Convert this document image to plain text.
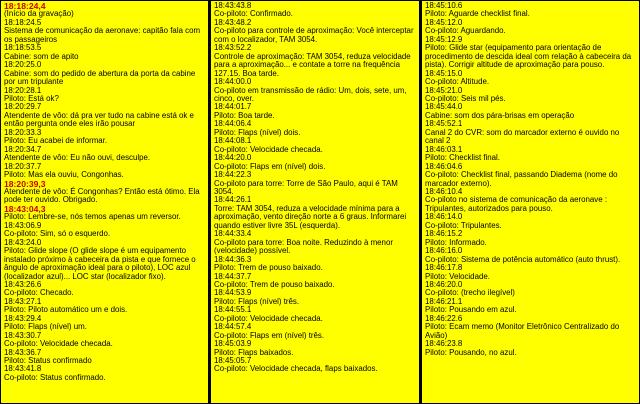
18:18:24,4
(Início da gravação)
18:18:24.5
Sistema de comunicação da aeronave: capitão fala com os passageiros
18:18:53.5
Cabine: som de apito
18:20:25.0
Cabine: som do pedido de abertura da porta da cabine por um tripulante
18:20:28.1
Piloto: Está ok?
18:20:29.7
Atendente de vôo: dá pra ver tudo na cabine está ok e então pergunta onde eles irão pousar
18:20:33.3
Piloto: Eu acabei de informar.
18:20:34.7
Atendente de vôo: Eu não ouvi, desculpe.
18:20:37.7
Piloto: Mas ela ouviu, Congonhas.
18:20:39,3
Atendente de vôo: É Congonhas? Então está ótimo. Ela pode ter ouvido. Obrigado.
18:43:04,3
Piloto: Lembre-se, nós temos apenas um reversor.
18:43:06.9
Co-piloto: Sim, só o esquerdo.
18:43:24.0
Piloto: Glide slope (O glide slope é um equipamento instalado próximo à cabeceira da pista e que fornece o ângulo de aproximação ideal para o piloto), LOC azul (localizador azul)... LOC star (localizador fixo).
18:43:26.6
Co-piloto: Checado.
18:43:27.1
Piloto: Piloto automático um e dois.
18:43:29.4
Piloto: Flaps (nível) um.
18:43:30.7
Co-piloto: Velocidade checada.
18:43:36.7
Piloto: Status confirmado
18:43:41.8
Co-piloto: Status confirmado.
18:43:43.8
Co-piloto: Confirmado.
18:43:48.2
Co-piloto para controle de aproximação: Você interceptar com o localizador, TAM 3054.
18:43:52.2
Controle de aproximação: TAM 3054, reduza velocidade para a aproximação... e contate a torre na frequência 127.15. Boa tarde.
18:44:00.0
Co-piloto em transmissão de rádio: Um, dois, sete, um, cinco, over.
18:44:01.7
Piloto: Boa tarde.
18:44:06.4
Piloto: Flaps (nível) dois.
18:44:08.1
Co-piloto: Velocidade checada.
18:44:20.0
Co-piloto: Flaps em (nível) dois.
18:44:22.3
Co-piloto para torre: Torre de São Paulo, aqui é TAM 3054.
18:44:26.1
Torre: TAM 3054, reduza a velocidade mínima para a aproximação, vento direção norte a 6 graus. Informarei quando estiver livre 35L (esquerda).
18:44:33.4
Co-piloto para torre: Boa noite. Reduzindo à menor (velocidade) possível.
18:44:36.3
Piloto: Trem de pouso baixado.
18:44:37.7
Co-piloto: Trem de pouso baixado.
18:44:53.9
Piloto: Flaps (nível) três.
18:44:55.1
Co-piloto: Velocidade checada.
18:44:57.4
Co-piloto: Flaps em (nível) três.
18:45:03.9
Piloto: Flaps baixados.
18:45:05.7
Co-piloto: Velocidade checada, flaps baixados.
18:45:10.6
Piloto: Aguarde checklist final.
18:45:12.0
Co-piloto: Aguardando.
18:45:12.9
Piloto: Glide star (equipamento para orientação de procedimento de descida ideal com relação à cabeceira da pista). Corrigir altitude de aproximação para pouso.
18:45:15.0
Co-piloto: Altitude.
18:45:21.0
Co-piloto: Seis mil pés.
18:45:44.0
Cabine: som dos pára-brisas em operação
18:45:52.1
Canal 2 do CVR: som do marcador externo é ouvido no canal 2
18:46:03.1
Piloto: Checklist final.
18:46:04.6
Co-piloto: Checklist final, passando Diadema (nome do marcador externo).
18:46:10.4
Co-piloto no sistema de comunicação da aeronave : Tripulantes, autorizados para pouso.
18:46:14.0
Co-piloto: Tripulantes.
18:46:15.2
Piloto: Informado.
18:46:16.0
Co-piloto: Sistema de potência automático (auto thrust).
18:46:17.8
Piloto: Velocidade.
18:46:20.0
Co-piloto: (trecho ilegível)
18:46:21.1
Piloto: Pousando em azul.
18:46:22.6
Piloto: Ecam memo (Monitor Eletrônico Centralizado do Avião)
18:46:23.8
Piloto: Pousando, no azul.
